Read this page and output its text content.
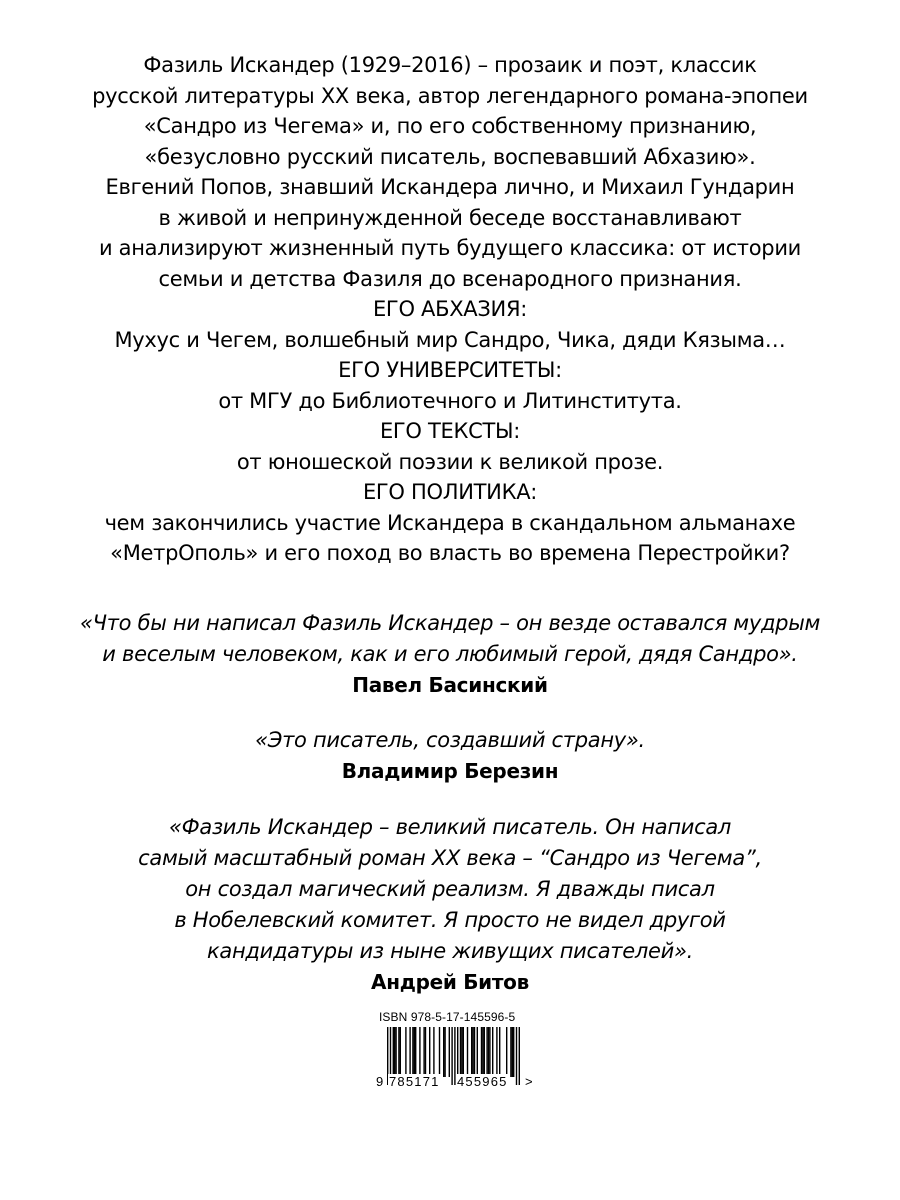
Фазиль Искандер (1929–2016) – прозаик и поэт, классик
русской литературы XX века, автор легендарного романа-эпопеи
«Сандро из Чегема» и, по его собственному признанию,
«безусловно русский писатель, воспевавший Абхазию».
Евгений Попов, знавший Искандера лично, и Михаил Гундарин
в живой и непринужденной беседе восстанавливают
и анализируют жизненный путь будущего классика: от истории
семьи и детства Фазиля до всенародного признания.
ЕГО АБХАЗИЯ:
Мухус и Чегем, волшебный мир Сандро, Чика, дяди Кязыма…
ЕГО УНИВЕРСИТЕТЫ:
от МГУ до Библиотечного и Литинститута.
ЕГО ТЕКСТЫ:
от юношеской поэзии к великой прозе.
ЕГО ПОЛИТИКА:
чем закончились участие Искандера в скандальном альманахе
«МетрОполь» и его поход во власть во времена Перестройки?
«Что бы ни написал Фазиль Искандер – он везде оставался мудрым
и веселым человеком, как и его любимый герой, дядя Сандро».
Павел Басинский
«Это писатель, создавший страну».
Владимир Березин
«Фазиль Искандер – великий писатель. Он написал
самый масштабный роман XX века – “Сандро из Чегема”,
он создал магический реализм. Я дважды писал
в Нобелевский комитет. Я просто не видел другой
кандидатуры из ныне живущих писателей».
Андрей Битов
ISBN 978-5-17-145596-5
9 785171 455965 >
